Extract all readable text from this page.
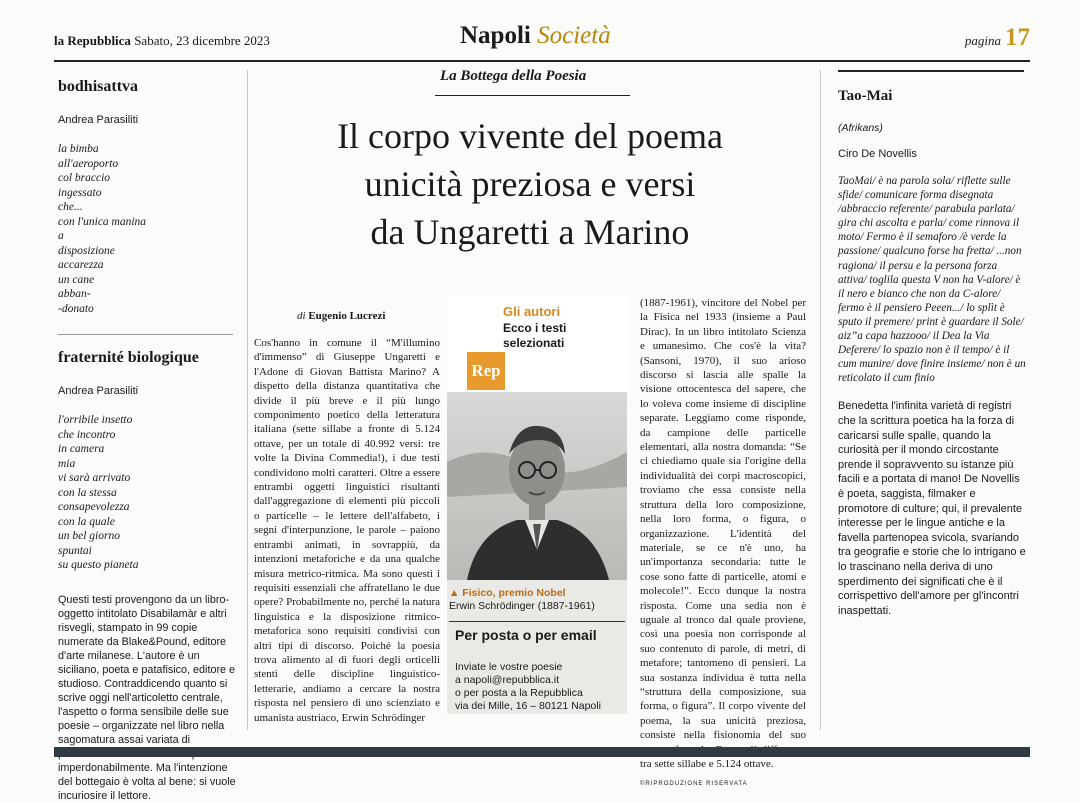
la Repubblica Sabato, 23 dicembre 2023	Napoli Società	pagina 17
bodhisattva
Andrea Parasiliti
la bimba
all'aeroporto
col braccio
ingessato
che...
con l'unica manina
a
disposizione
accarezza
un cane
abban-
-donato
fraternité biologique
Andrea Parasiliti
l'orribile insetto
che incontro
in camera
mia
vi sarà arrivato
con la stessa
consapevolezza
con la quale
un bel giorno
spuntai
su questo pianeta
Questi testi provengono da un libro-oggetto intitolato Disabilamàr e altri risvegli, stampato in 99 copie numerate da Blake&Pound, editore d'arte milanese. L'autore è un siciliano, poeta e patafisico, editore e studioso. Contraddicendo quanto si scrive oggi nell'articoletto centrale, l'aspetto o forma sensibile delle sue poesie – organizzate nel libro nella sagomatura assai variata di imperdonabilmente. Ma l'intenzione del bottegaio è volta al bene: si vuole incuriosire il lettore.
La Bottega della Poesia
Il corpo vivente del poema
unicità preziosa e versi
da Ungaretti a Marino
di Eugenio Lucrezi
Cos'hanno in comune il “M'illumino d'immenso” di Giuseppe Ungaretti e l'Adone di Giovan Battista Marino? A dispetto della distanza quantitativa che divide il più breve e il più lungo componimento poetico della letteratura italiana (sette sillabe a fronte di 5.124 ottave, per un totale di 40.992 versi: tre volte la Divina Commedia!), i due testi condividono molti caratteri. Oltre a essere entrambi oggetti linguistici risultanti dall'aggregazione di elementi più piccoli o particelle – le lettere dell'alfabeto, i segni d'interpunzione, le parole – paiono entrambi animati, in sovrappiù, da intenzioni metaforiche e da una qualche misura metrico-ritmica. Ma sono questi i requisiti essenziali che affratellano le due opere? Probabilmente no, perché la natura linguistica e la disposizione ritmico-metaforica sono requisiti condivisi con altri tipi di discorso. Poiché la poesia trova alimento al di fuori degli orticelli stenti delle discipline linguistico-letterarie, andiamo a cercare la nostra risposta nel pensiero di uno scienziato e umanista austriaco, Erwin Schrödinger
(1887-1961), vincitore del Nobel per la Fisica nel 1933 (insieme a Paul Dirac). In un libro intitolato Scienza e umanesimo. Che cos'è la vita? (Sansoni, 1970), il suo arioso discorso si lascia alle spalle la visione ottocentesca del sapere, che lo voleva come insieme di discipline separate. Leggiamo come risponde, da campione delle particelle elementari, alla nostra domanda: “Se ci chiediamo quale sia l'origine della individualità dei corpi macroscopici, troviamo che essa consiste nella struttura della loro composizione, nella loro forma, o figura, o organizzazione. L'identità del materiale, se ce n'è uno, ha un'importanza secondaria: tutte le cose sono fatte di particelle, atomi e molecole!”. Ecco dunque la nostra risposta. Come una sedia non è uguale al tronco dal quale proviene, così una poesia non corrisponde al suo contenuto di parole, di metri, di metafore; tantomeno di pensieri. La sua sostanza individua è tutta nella “struttura della composizione, sua forma, o figura”. Il corpo vivente del poema, la sua unicità preziosa, consiste nella fisionomia del suo tra sette sillabe e 5.124 ottave.
©RIPRODUZIONE RISERVATA
Gli autori
Ecco i testi selezionati
Rep
▲ Fisico, premio Nobel
Erwin Schrödinger (1887-1961)
Per posta o per email
Inviate le vostre poesie
a napoli@repubblica.it
o per posta a la Repubblica
via dei Mille, 16 – 80121 Napoli
Tao-Mai
(Afrikans)
Ciro De Novellis
TaoMai/ è na parola sola/ riflette sulle sfide/ comunicare forma disegnata /abbraccio referente/ parabula parlata/ gira chi ascolta e parla/ come rinnova il moto/ Fermo è il semaforo /è verde la passione/ qualcuno forse ha fretta/ ...non ragiona/ il persu e la persona forza attiva/ toglila questa V non ha V-alore/ è il nero e bianco che non da C-alore/ fermo è il pensiero Peeen.../ lo splìt è sputo il premere/ print è guardare il Sole/ aiz”a capa hazzooo/ il Dea la Via Deferere/ lo spazio non è il tempo/ è il cum munire/ dove finire insieme/ non è un reticolato il cum finio
Benedetta l'infinita varietà di registri che la scrittura poetica ha la forza di caricarsi sulle spalle, quando la curiosità per il mondo circostante prende il sopravvento su istanze più facili e a portata di mano! De Novellis è poeta, saggista, filmaker e promotore di culture; qui, il prevalente interesse per le lingue antiche e la favella partenopea svicola, svariando tra geografie e storie che lo intrigano e lo trascinano nella deriva di uno sperdimento dei significati che è il corrispettivo dell'amore per gl'incontri inaspettati.
